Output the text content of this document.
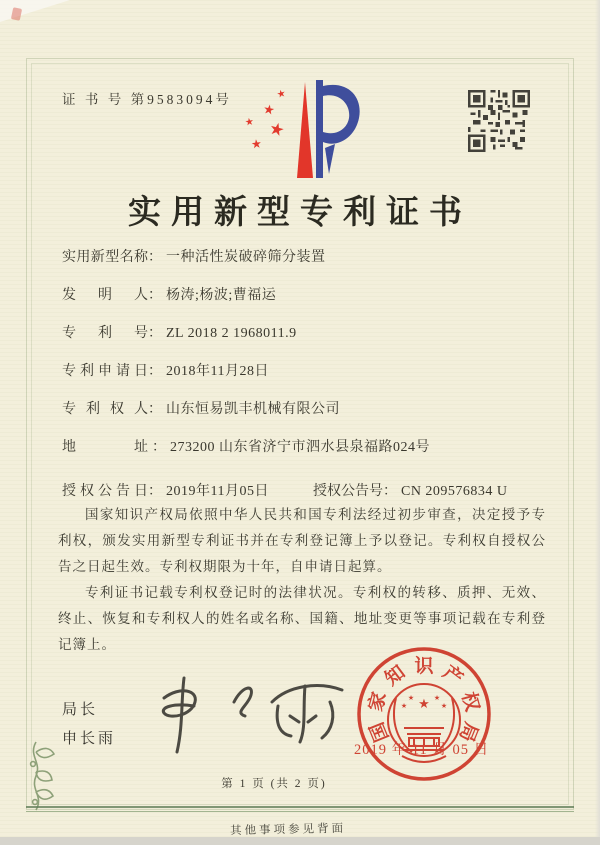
证 书 号 第9583094号	★
★
★ ★
★
实用新型专利证书
实用新型名称： 一种活性炭破碎筛分装置
发明人： 杨涛;杨波;曹福运
专利号： ZL 2018 2 1968011.9
专利申请日： 2018年11月28日
专利权人： 山东恒易凯丰机械有限公司
地址 ： 273200 山东省济宁市泗水县泉福路024号
授权公告日： 2019年11月05日	授权公告号： CN 209576834 U

国家知识产权局依照中华人民共和国专利法经过初步审查，决定授予专利权，颁发实用新型专利证书并在专利登记簿上予以登记。专利权自授权公告之日起生效。专利权期限为十年，自申请日起算。

专利证书记载专利权登记时的法律状况。专利权的转移、质押、无效、终止、恢复和专利权人的姓名或名称、国籍、地址变更等事项记载在专利登记簿上。

局长
申长雨	国
家
知 识 产
权
局
★
★	★
★	★
2019 年 11 月 05 日
第 1 页 (共 2 页)
其他事项参见背面
